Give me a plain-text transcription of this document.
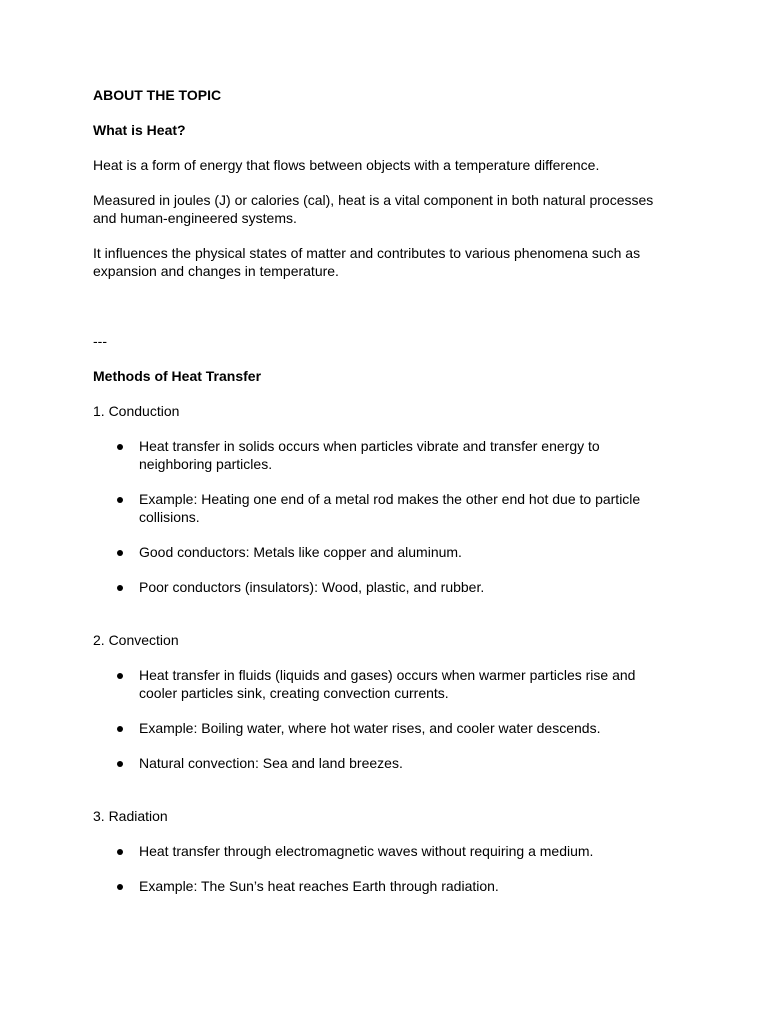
ABOUT THE TOPIC

What is Heat?

Heat is a form of energy that flows between objects with a temperature difference.

Measured in joules (J) or calories (cal), heat is a vital component in both natural processes and human-engineered systems.

It influences the physical states of matter and contributes to various phenomena such as expansion and changes in temperature.

---

Methods of Heat Transfer

1. Conduction

Heat transfer in solids occurs when particles vibrate and transfer energy to neighboring particles.
Example: Heating one end of a metal rod makes the other end hot due to particle collisions.
Good conductors: Metals like copper and aluminum.
Poor conductors (insulators): Wood, plastic, and rubber.

2. Convection

Heat transfer in fluids (liquids and gases) occurs when warmer particles rise and cooler particles sink, creating convection currents.
Example: Boiling water, where hot water rises, and cooler water descends.
Natural convection: Sea and land breezes.

3. Radiation

Heat transfer through electromagnetic waves without requiring a medium.
Example: The Sun’s heat reaches Earth through radiation.
